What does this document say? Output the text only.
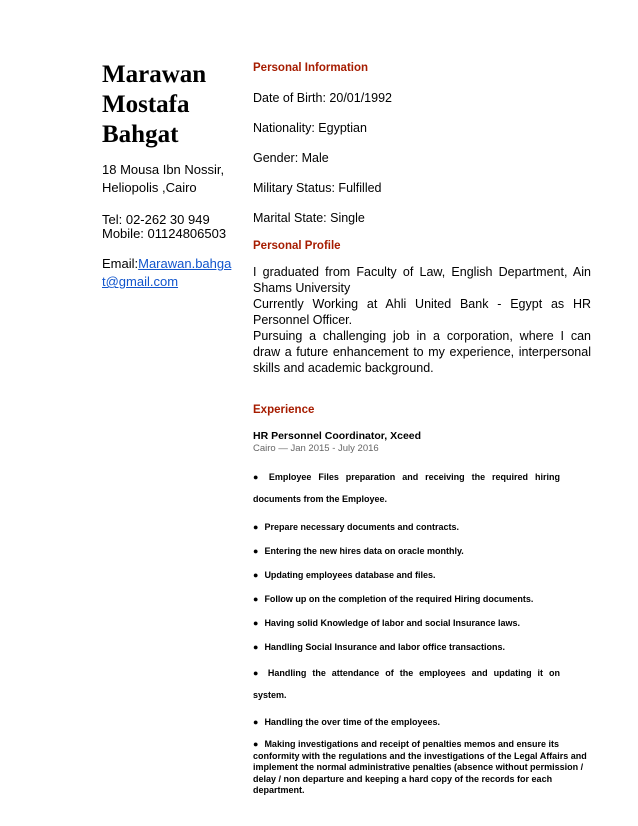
Marawan
Mostafa
Bahgat
18 Mousa Ibn Nossir,
Heliopolis ,Cairo
Tel: 02-262 30 949
Mobile: 01124806503
Email:Marawan.bahgat@gmail.com
Personal Information

Date of Birth: 20/01/1992

Nationality: Egyptian

Gender: Male

Military Status: Fulfilled

Marital State: Single

Personal Profile

I graduated from Faculty of Law, English Department, Ain Shams University

Currently Working at Ahli United Bank - Egypt as HR Personnel Officer.

Pursuing a challenging job in a corporation, where I can draw a future enhancement to my experience, interpersonal skills and academic background.

Experience

HR Personnel Coordinator, Xceed

Cairo — Jan 2015 - July 2016

● Employee Files preparation and receiving the required hiring documents from the Employee.

● Prepare necessary documents and contracts.

● Entering the new hires data on oracle monthly.

● Updating employees database and files.

● Follow up on the completion of the required Hiring documents.

● Having solid Knowledge of labor and social Insurance laws.

● Handling Social Insurance and labor office transactions.

● Handling the attendance of the employees and updating it on system.

● Handling the over time of the employees.

● Making investigations and receipt of penalties memos and ensure its conformity with the regulations and the investigations of the Legal Affairs and implement the normal administrative penalties (absence without permission / delay / non departure and keeping a hard copy of the records for each department.
